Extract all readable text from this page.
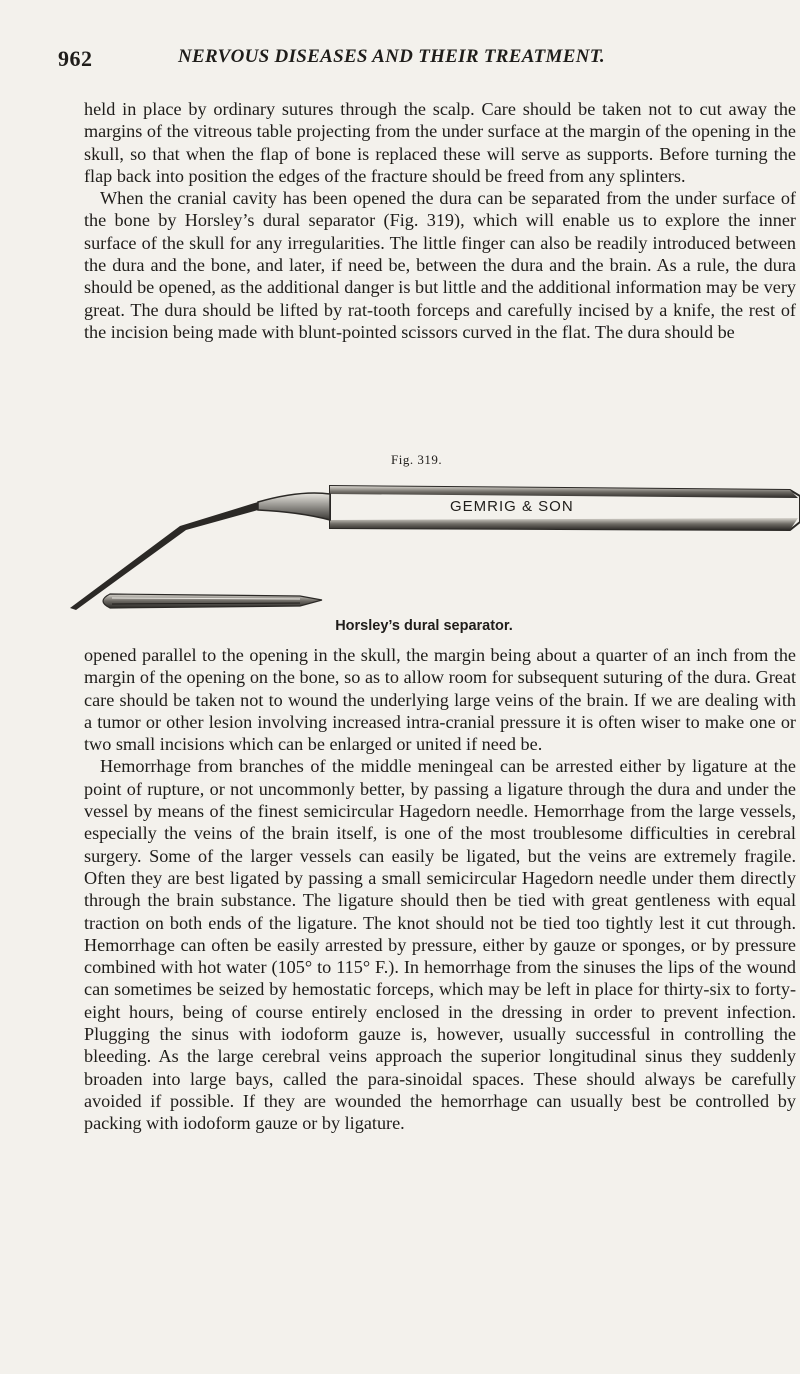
962	NERVOUS DISEASES AND THEIR TREATMENT.

held in place by ordinary sutures through the scalp. Care should be taken not to cut away the margins of the vitreous table projecting from the under surface at the margin of the opening in the skull, so that when the flap of bone is replaced these will serve as supports. Before turning the flap back into position the edges of the fracture should be freed from any splinters.

When the cranial cavity has been opened the dura can be separated from the under surface of the bone by Horsley’s dural separator (Fig. 319), which will enable us to explore the inner surface of the skull for any irregularities. The little finger can also be readily introduced between the dura and the bone, and later, if need be, between the dura and the brain. As a rule, the dura should be opened, as the additional danger is but little and the additional information may be very great. The dura should be lifted by rat-tooth forceps and carefully incised by a knife, the rest of the incision being made with blunt-pointed scissors curved in the flat. The dura should be

Fig. 319.
GEMRIG & SON
Horsley’s dural separator.

opened parallel to the opening in the skull, the margin being about a quarter of an inch from the margin of the opening on the bone, so as to allow room for subsequent suturing of the dura. Great care should be taken not to wound the underlying large veins of the brain. If we are dealing with a tumor or other lesion involving increased intra-cranial pressure it is often wiser to make one or two small incisions which can be enlarged or united if need be.

Hemorrhage from branches of the middle meningeal can be arrested either by ligature at the point of rupture, or not uncommonly better, by passing a ligature through the dura and under the vessel by means of the finest semicircular Hagedorn needle. Hemorrhage from the large vessels, especially the veins of the brain itself, is one of the most troublesome difficulties in cerebral surgery. Some of the larger vessels can easily be ligated, but the veins are extremely fragile. Often they are best ligated by passing a small semicircular Hagedorn needle under them directly through the brain substance. The ligature should then be tied with great gentleness with equal traction on both ends of the ligature. The knot should not be tied too tightly lest it cut through. Hemorrhage can often be easily arrested by pressure, either by gauze or sponges, or by pressure combined with hot water (105° to 115° F.). In hemorrhage from the sinuses the lips of the wound can sometimes be seized by hemostatic forceps, which may be left in place for thirty-six to forty-eight hours, being of course entirely enclosed in the dressing in order to prevent infection. Plugging the sinus with iodoform gauze is, however, usually successful in controlling the bleeding. As the large cerebral veins approach the superior longitudinal sinus they suddenly broaden into large bays, called the para-sinoidal spaces. These should always be carefully avoided if possible. If they are wounded the hemorrhage can usually best be controlled by packing with iodoform gauze or by ligature.
